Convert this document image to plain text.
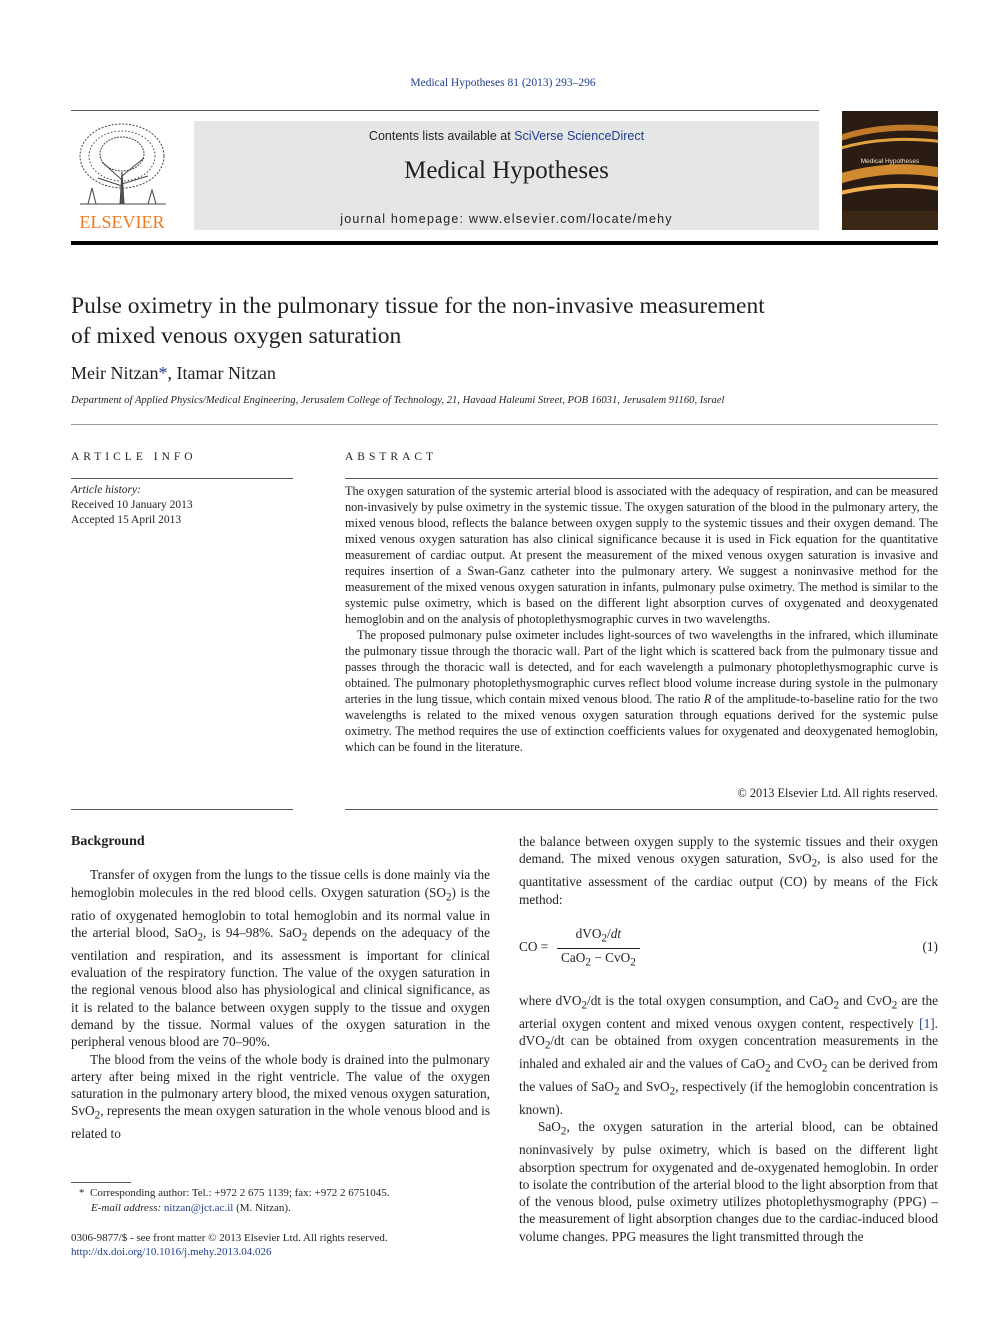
Medical Hypotheses 81 (2013) 293–296
ELSEVIER
Contents lists available at SciVerse ScienceDirect
Medical Hypotheses
journal homepage: www.elsevier.com/locate/mehy
Medical Hypotheses
Pulse oximetry in the pulmonary tissue for the non-invasive measurement
of mixed venous oxygen saturation
Meir Nitzan*, Itamar Nitzan
Department of Applied Physics/Medical Engineering, Jerusalem College of Technology, 21, Havaad Haleumi Street, POB 16031, Jerusalem 91160, Israel
ARTICLE INFO
Article history:
Received 10 January 2013
Accepted 15 April 2013
ABSTRACT

The oxygen saturation of the systemic arterial blood is associated with the adequacy of respiration, and can be measured non-invasively by pulse oximetry in the systemic tissue. The oxygen saturation of the blood in the pulmonary artery, the mixed venous blood, reflects the balance between oxygen supply to the systemic tissues and their oxygen demand. The mixed venous oxygen saturation has also clinical significance because it is used in Fick equation for the quantitative measurement of cardiac output. At present the measurement of the mixed venous oxygen saturation is invasive and requires insertion of a Swan-Ganz catheter into the pulmonary artery. We suggest a noninvasive method for the measurement of the mixed venous oxygen saturation in infants, pulmonary pulse oximetry. The method is similar to the systemic pulse oximetry, which is based on the different light absorption curves of oxygenated and deoxygenated hemoglobin and on the analysis of photoplethysmographic curves in two wavelengths.

The proposed pulmonary pulse oximeter includes light-sources of two wavelengths in the infrared, which illuminate the pulmonary tissue through the thoracic wall. Part of the light which is scattered back from the pulmonary tissue and passes through the thoracic wall is detected, and for each wavelength a pulmonary photoplethysmographic curve is obtained. The pulmonary photoplethysmographic curves reflect blood volume increase during systole in the pulmonary arteries in the lung tissue, which contain mixed venous blood. The ratio R of the amplitude-to-baseline ratio for the two wavelengths is related to the mixed venous oxygen saturation through equations derived for the systemic pulse oximetry. The method requires the use of extinction coefficients values for oxygenated and deoxygenated hemoglobin, which can be found in the literature.

© 2013 Elsevier Ltd. All rights reserved.
Background

Transfer of oxygen from the lungs to the tissue cells is done mainly via the hemoglobin molecules in the red blood cells. Oxygen saturation $(SO_2)$ is the ratio of oxygenated hemoglobin to total hemoglobin and its normal value in the arterial blood, SaO$_2$, is 94–98%. SaO$_2$ depends on the adequacy of the ventilation and respiration, and its assessment is important for clinical evaluation of the respiratory function. The value of the oxygen saturation in the regional venous blood also has physiological and clinical significance, as it is related to the balance between oxygen supply to the tissue and oxygen demand by the tissue. Normal values of the oxygen saturation in the peripheral venous blood are 70–90%.

The blood from the veins of the whole body is drained into the pulmonary artery after being mixed in the right ventricle. The value of the oxygen saturation in the pulmonary artery blood, the mixed venous oxygen saturation, SvO$_2$, represents the mean oxygen saturation in the whole venous blood and is related to

the balance between oxygen supply to the systemic tissues and their oxygen demand. The mixed venous oxygen saturation, SvO$_2$, is also used for the quantitative assessment of the cardiac output (CO) by means of the Fick method:

CO =
dVO$_2$/dt
CaO$_2$ − CvO$_2$
(1)

where dVO$_2$/dt is the total oxygen consumption, and CaO$_2$ and CvO$_2$ are the arterial oxygen content and mixed venous oxygen content, respectively [1]. dVO$_2$/dt can be obtained from oxygen concentration measurements in the inhaled and exhaled air and the values of CaO$_2$ and CvO$_2$ can be derived from the values of SaO$_2$ and SvO$_2$, respectively (if the hemoglobin concentration is known).

SaO$_2$, the oxygen saturation in the arterial blood, can be obtained noninvasively by pulse oximetry, which is based on the different light absorption spectrum for oxygenated and de-oxygenated hemoglobin. In order to isolate the contribution of the arterial blood to the light absorption from that of the venous blood, pulse oximetry utilizes photoplethysmography (PPG) – the measurement of light absorption changes due to the cardiac-induced blood volume changes. PPG measures the light transmitted through the

* Corresponding author: Tel.: +972 2 675 1139; fax: +972 2 6751045.
E-mail address: nitzan@jct.ac.il (M. Nitzan).
0306-9877/$ - see front matter © 2013 Elsevier Ltd. All rights reserved.
http://dx.doi.org/10.1016/j.mehy.2013.04.026
